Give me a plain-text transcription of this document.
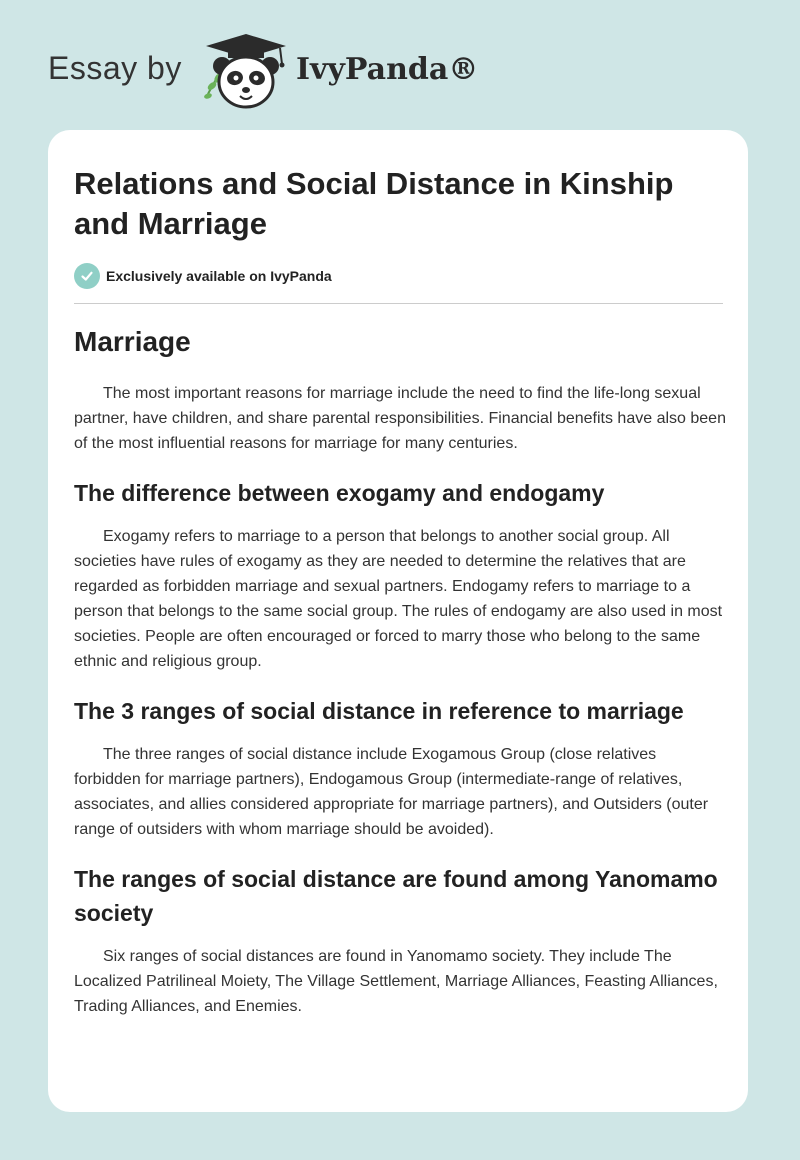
Essay by	IvyPanda®
Relations and Social Distance in Kinship and Marriage
Exclusively available on IvyPanda
Marriage

The most important reasons for marriage include the need to find the life-long sexual partner, have children, and share parental responsibilities. Financial benefits have also been of the most influential reasons for marriage for many centuries.

The difference between exogamy and endogamy

Exogamy refers to marriage to a person that belongs to another social group. All societies have rules of exogamy as they are needed to determine the relatives that are regarded as forbidden marriage and sexual partners. Endogamy refers to marriage to a person that belongs to the same social group. The rules of endogamy are also used in most societies. People are often encouraged or forced to marry those who belong to the same ethnic and religious group.

The 3 ranges of social distance in reference to marriage

The three ranges of social distance include Exogamous Group (close relatives forbidden for marriage partners), Endogamous Group (intermediate-range of relatives, associates, and allies considered appropriate for marriage partners), and Outsiders (outer range of outsiders with whom marriage should be avoided).

The ranges of social distance are found among Yanomamo society

Six ranges of social distances are found in Yanomamo society. They include The Localized Patrilineal Moiety, The Village Settlement, Marriage Alliances, Feasting Alliances, Trading Alliances, and Enemies.
